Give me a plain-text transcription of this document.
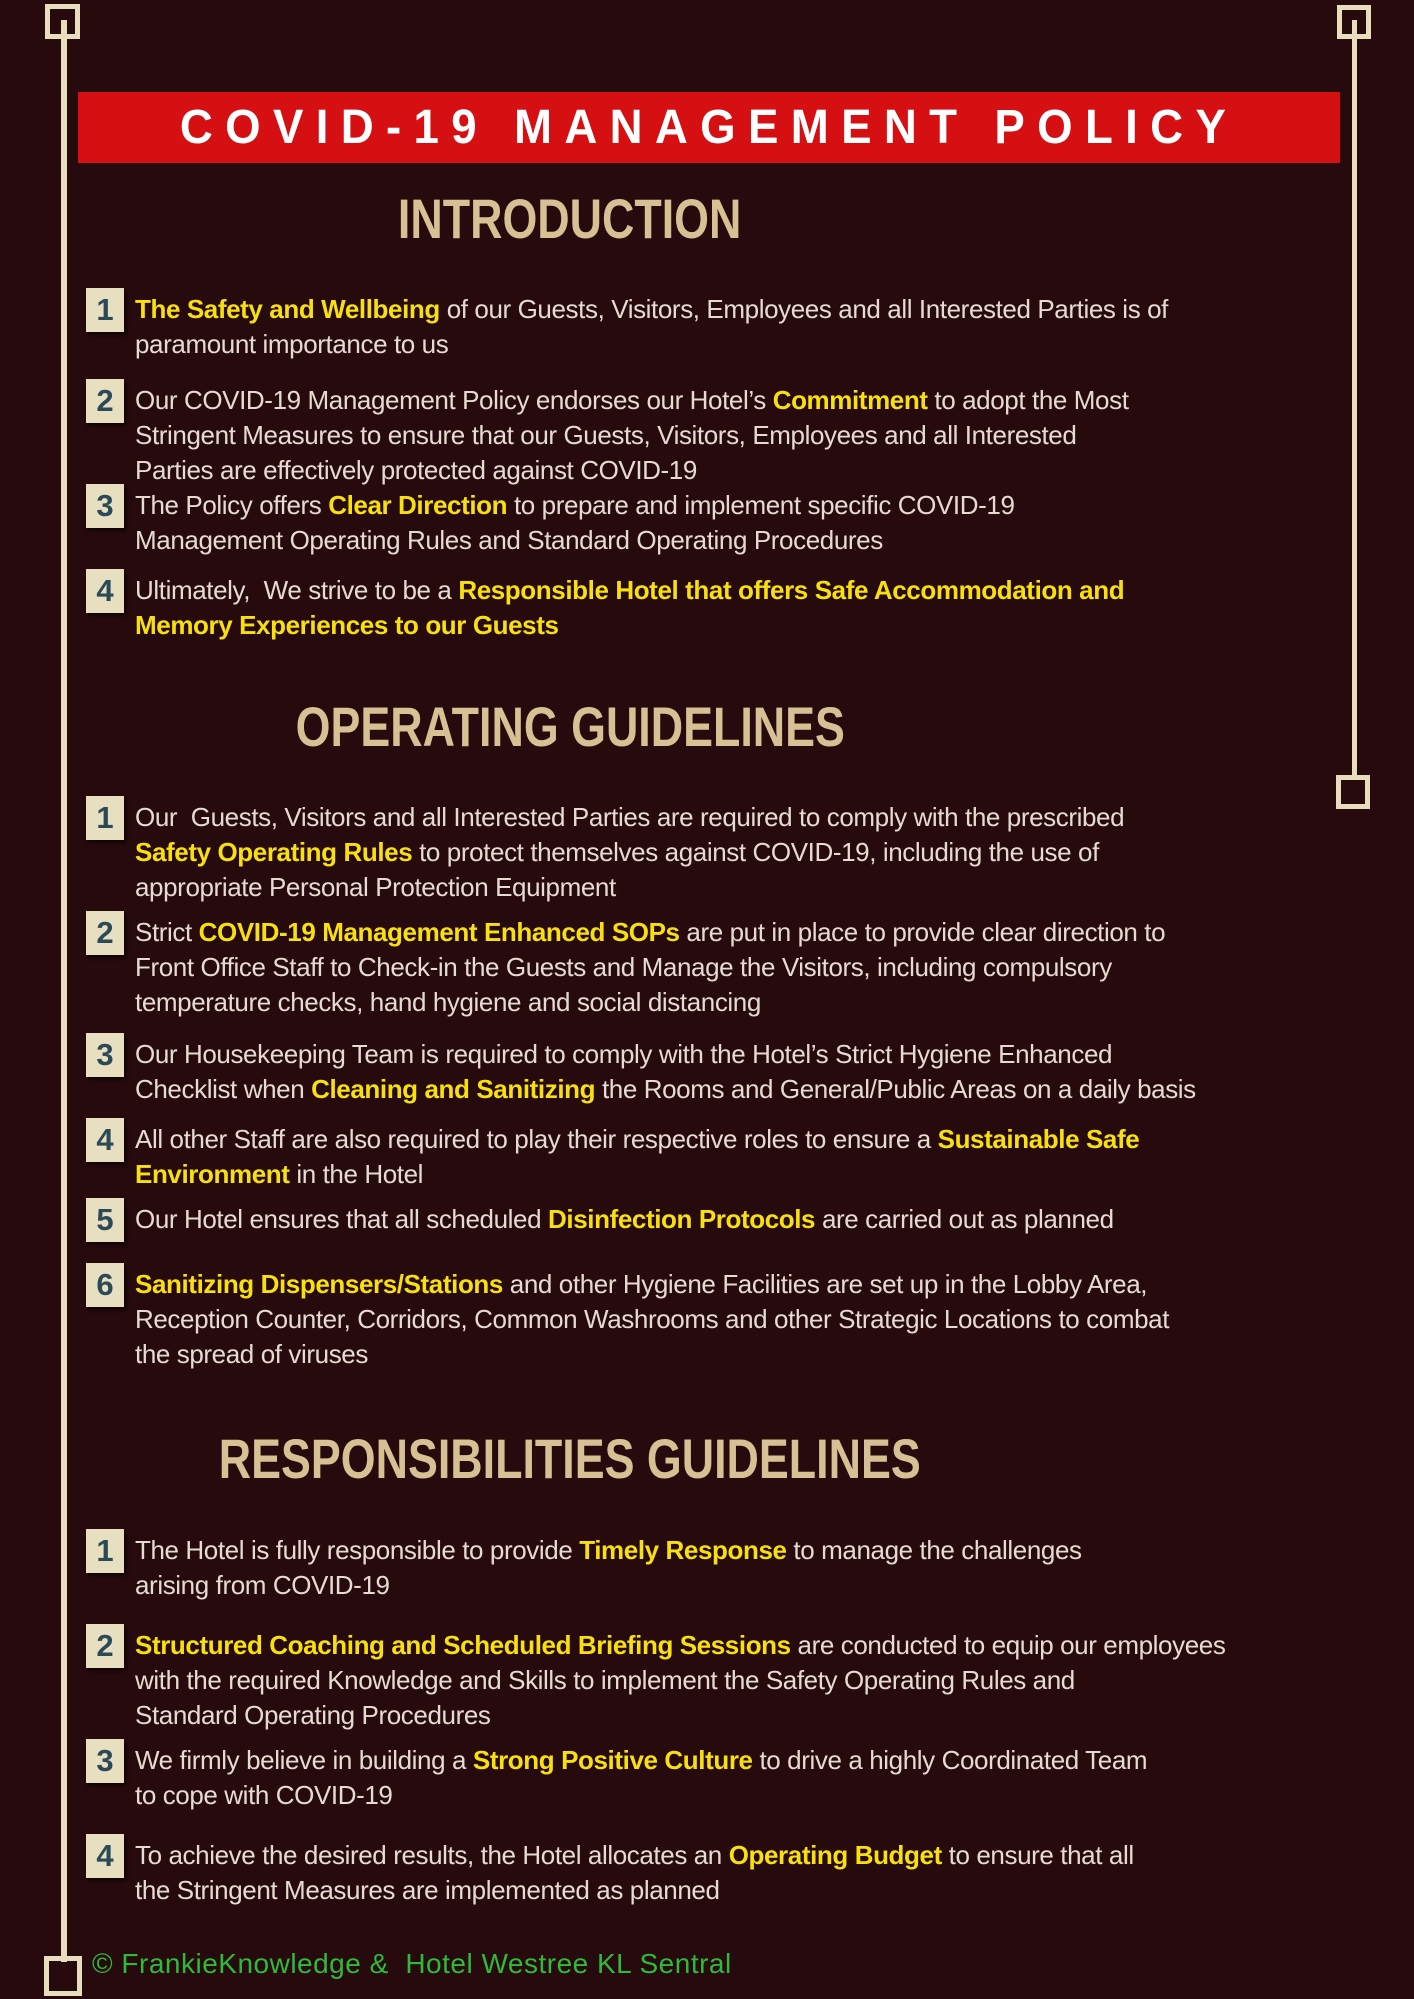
COVID-19 MANAGEMENT POLICY
INTRODUCTION
OPERATING GUIDELINES
RESPONSIBILITIES GUIDELINES
1 The Safety and Wellbeing of our Guests, Visitors, Employees and all Interested Parties is of
paramount importance to us
2 Our COVID-19 Management Policy endorses our Hotel’s Commitment to adopt the Most
Stringent Measures to ensure that our Guests, Visitors, Employees and all Interested
Parties are effectively protected against COVID-19
3 The Policy offers Clear Direction to prepare and implement specific COVID-19
Management Operating Rules and Standard Operating Procedures
4 Ultimately,  We strive to be a Responsible Hotel that offers Safe Accommodation and
Memory Experiences to our Guests
1 Our  Guests, Visitors and all Interested Parties are required to comply with the prescribed
Safety Operating Rules to protect themselves against COVID-19, including the use of
appropriate Personal Protection Equipment
2 Strict COVID-19 Management Enhanced SOPs are put in place to provide clear direction to
Front Office Staff to Check-in the Guests and Manage the Visitors, including compulsory
temperature checks, hand hygiene and social distancing
3 Our Housekeeping Team is required to comply with the Hotel’s Strict Hygiene Enhanced
Checklist when Cleaning and Sanitizing the Rooms and General/Public Areas on a daily basis
4 All other Staff are also required to play their respective roles to ensure a Sustainable Safe
Environment in the Hotel
5 Our Hotel ensures that all scheduled Disinfection Protocols are carried out as planned
6 Sanitizing Dispensers/Stations and other Hygiene Facilities are set up in the Lobby Area,
Reception Counter, Corridors, Common Washrooms and other Strategic Locations to combat
the spread of viruses
1 The Hotel is fully responsible to provide Timely Response to manage the challenges
arising from COVID-19
2 Structured Coaching and Scheduled Briefing Sessions are conducted to equip our employees
with the required Knowledge and Skills to implement the Safety Operating Rules and
Standard Operating Procedures
3 We firmly believe in building a Strong Positive Culture to drive a highly Coordinated Team
to cope with COVID-19
4 To achieve the desired results, the Hotel allocates an Operating Budget to ensure that all
the Stringent Measures are implemented as planned
© FrankieKnowledge &  Hotel Westree KL Sentral
